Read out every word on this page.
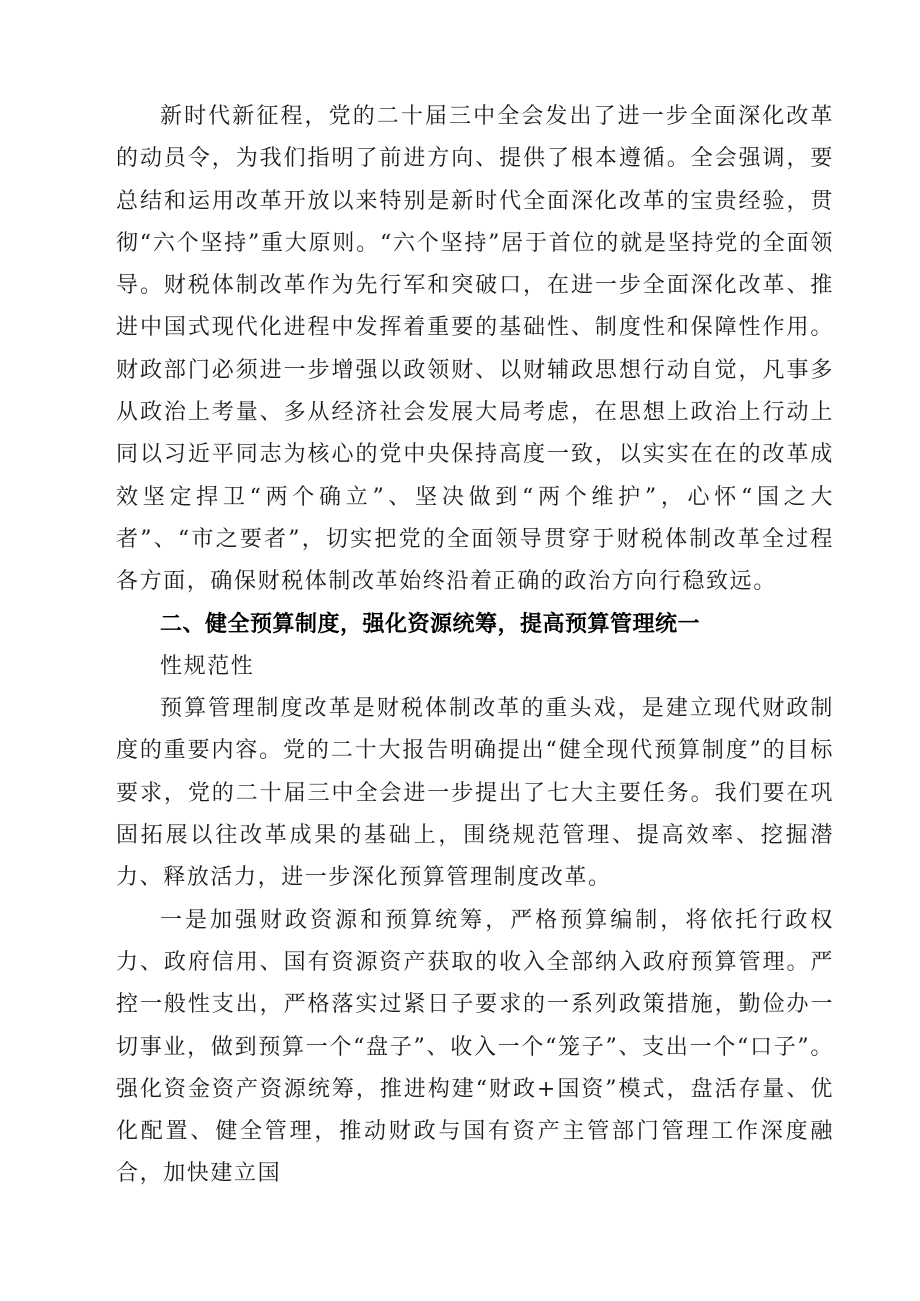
新时代新征程，党的二十届三中全会发出了进一步全面深化改革的动员令，为我们指明了前进方向、提供了根本遵循。全会强调，要总结和运用改革开放以来特别是新时代全面深化改革的宝贵经验，贯彻“六个坚持”重大原则。“六个坚持”居于首位的就是坚持党的全面领导。财税体制改革作为先行军和突破口，在进一步全面深化改革、推进中国式现代化进程中发挥着重要的基础性、制度性和保障性作用。财政部门必须进一步增强以政领财、以财辅政思想行动自觉，凡事多从政治上考量、多从经济社会发展大局考虑，在思想上政治上行动上同以习近平同志为核心的党中央保持高度一致，以实实在在的改革成效坚定捍卫“两个确立”、坚决做到“两个维护”，心怀“国之大者”、“市之要者”，切实把党的全面领导贯穿于财税体制改革全过程各方面，确保财税体制改革始终沿着正确的政治方向行稳致远。

二、健全预算制度，强化资源统筹，提高预算管理统一

性规范性

预算管理制度改革是财税体制改革的重头戏，是建立现代财政制度的重要内容。党的二十大报告明确提出“健全现代预算制度”的目标要求，党的二十届三中全会进一步提出了七大主要任务。我们要在巩固拓展以往改革成果的基础上，围绕规范管理、提高效率、挖掘潜力、释放活力，进一步深化预算管理制度改革。

一是加强财政资源和预算统筹，严格预算编制，将依托行政权力、政府信用、国有资源资产获取的收入全部纳入政府预算管理。严控一般性支出，严格落实过紧日子要求的一系列政策措施，勤俭办一切事业，做到预算一个“盘子”、收入一个“笼子”、支出一个“口子”。强化资金资产资源统筹，推进构建“财政+国资”模式，盘活存量、优化配置、健全管理，推动财政与国有资产主管部门管理工作深度融合，加快建立国
